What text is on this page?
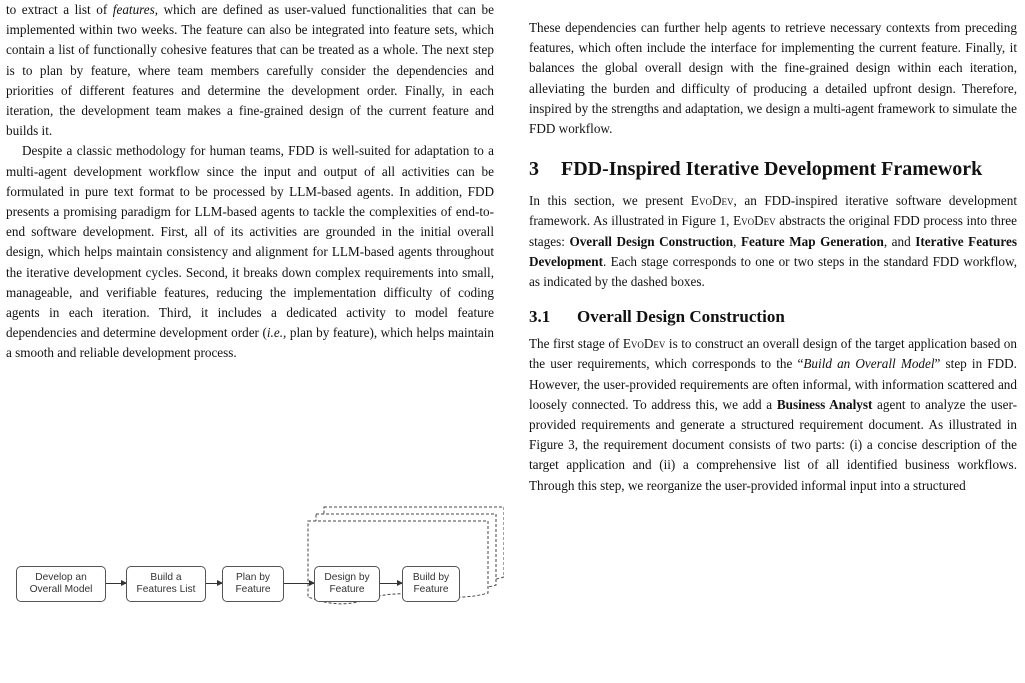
to extract a list of features, which are defined as user-valued functionalities that can be implemented within two weeks. The feature can also be integrated into feature sets, which contain a list of functionally cohesive features that can be treated as a whole. The next step is to plan by feature, where team members carefully consider the dependencies and priorities of different features and determine the development order. Finally, in each iteration, the development team makes a fine-grained design of the current feature and builds it.

Despite a classic methodology for human teams, FDD is well-suited for adaptation to a multi-agent development workflow since the input and output of all activities can be formulated in pure text format to be processed by LLM-based agents. In addition, FDD presents a promising paradigm for LLM-based agents to tackle the complexities of end-to-end software development. First, all of its activities are grounded in the initial overall design, which helps maintain consistency and alignment for LLM-based agents throughout the iterative development cycles. Second, it breaks down complex requirements into small, manageable, and verifiable features, reducing the implementation difficulty of coding agents in each iteration. Third, it includes a dedicated activity to model feature dependencies and determine development order (i.e., plan by feature), which helps maintain a smooth and reliable development process.

Develop an
Overall Model
Build a
Features List
Plan by
Feature
Design by
Feature
Build by
Feature

These dependencies can further help agents to retrieve necessary contexts from preceding features, which often include the interface for implementing the current feature. Finally, it balances the global overall design with the fine-grained design within each iteration, alleviating the burden and difficulty of producing a detailed upfront design. Therefore, inspired by the strengths and adaptation, we design a multi-agent framework to simulate the FDD workflow.

3	FDD-Inspired Iterative Development Framework

In this section, we present EvoDev, an FDD-inspired iterative software development framework. As illustrated in Figure 1, EvoDev abstracts the original FDD process into three stages: Overall Design Construction, Feature Map Generation, and Iterative Features Development. Each stage corresponds to one or two steps in the standard FDD workflow, as indicated by the dashed boxes.

3.1	Overall Design Construction

The first stage of EvoDev is to construct an overall design of the target application based on the user requirements, which corresponds to the “Build an Overall Model” step in FDD. However, the user-provided requirements are often informal, with information scattered and loosely connected. To address this, we add a Business Analyst agent to analyze the user-provided requirements and generate a structured requirement document. As illustrated in Figure 3, the requirement document consists of two parts: (i) a concise description of the target application and (ii) a comprehensive list of all identified business workflows. Through this step, we reorganize the user-provided informal input into a structured
